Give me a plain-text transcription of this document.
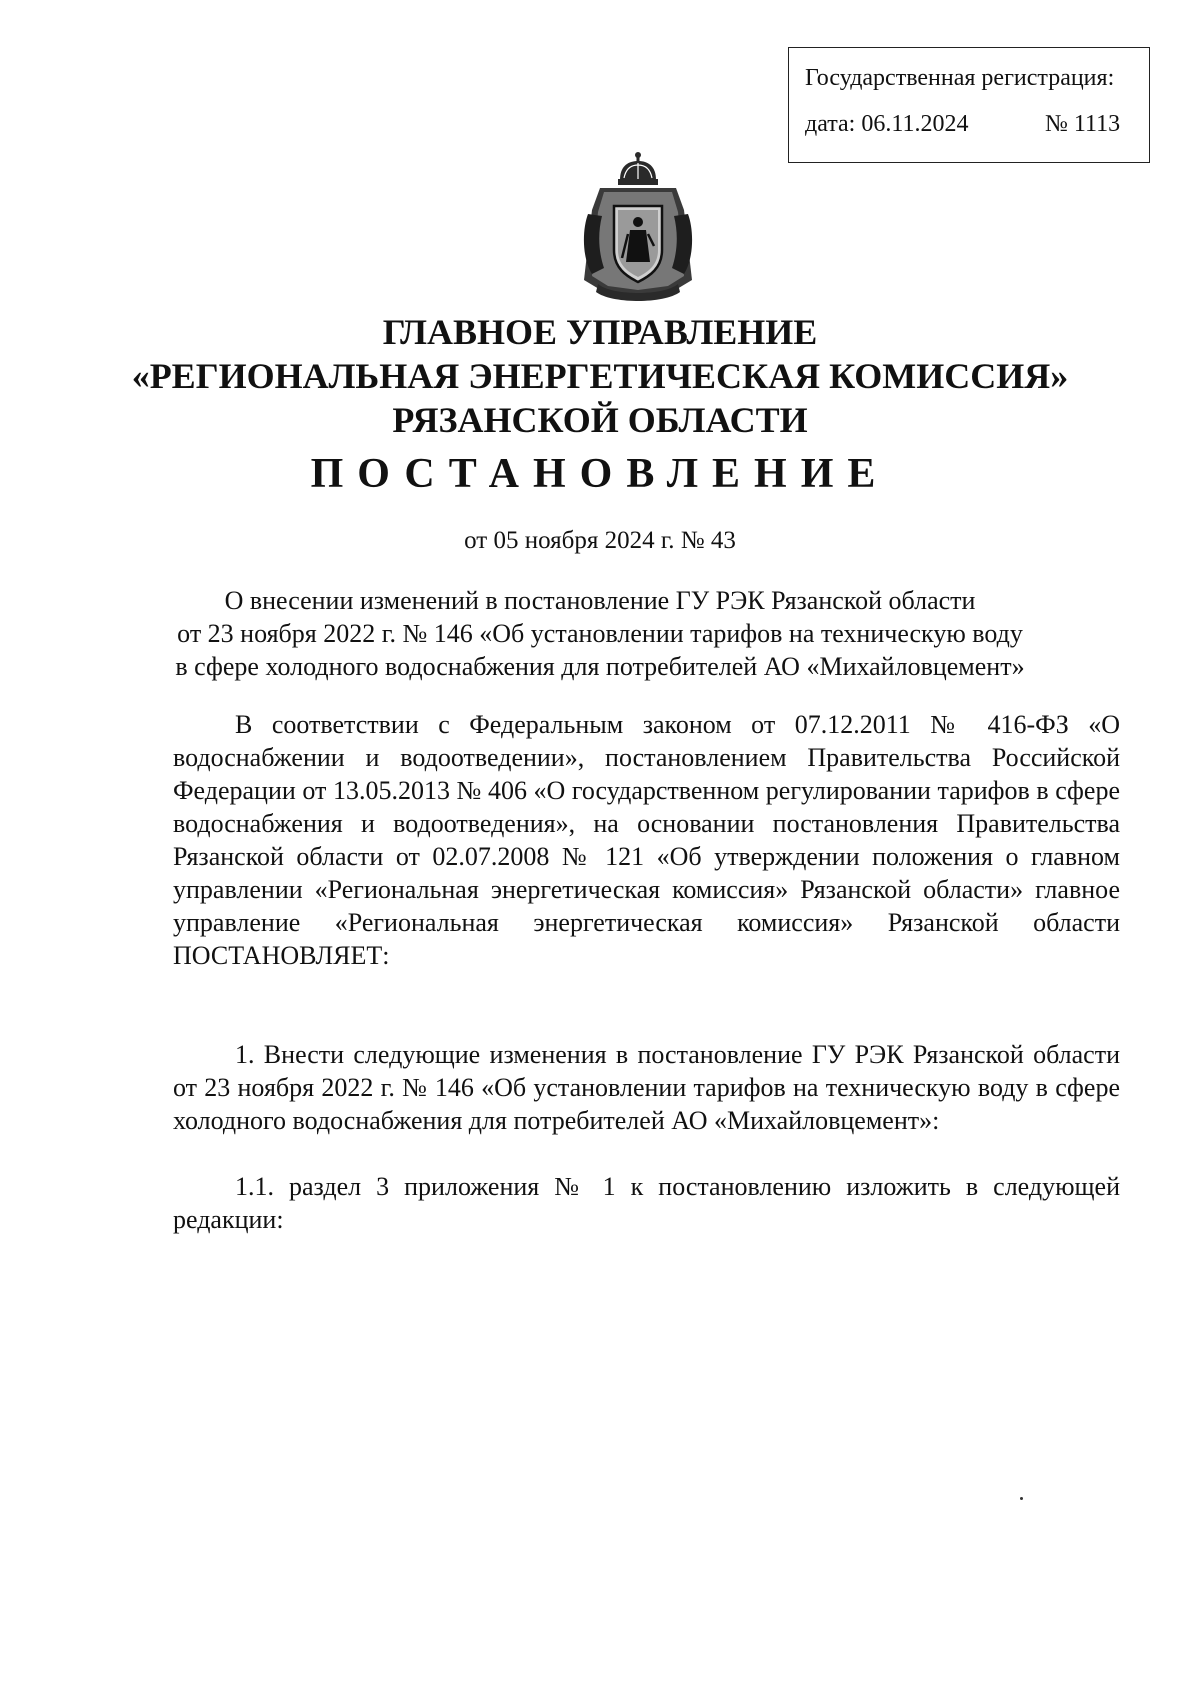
Государственная регистрация:
дата: 06.11.2024	№ 1113
ГЛАВНОЕ УПРАВЛЕНИЕ
«РЕГИОНАЛЬНАЯ ЭНЕРГЕТИЧЕСКАЯ КОМИССИЯ»
РЯЗАНСКОЙ ОБЛАСТИ
ПОСТАНОВЛЕНИЕ
от 05 ноября 2024 г. № 43
О внесении изменений в постановление ГУ РЭК Рязанской области
от 23 ноября 2022 г. № 146 «Об установлении тарифов на техническую воду
в сфере холодного водоснабжения для потребителей АО «Михайловцемент»

В соответствии с Федеральным законом от 07.12.2011 № 416-ФЗ «О водоснабжении и водоотведении», постановлением Правительства Российской Федерации от 13.05.2013 № 406 «О государственном регулировании тарифов в сфере водоснабжения и водоотведения», на основании постановления Правительства Рязанской области от 02.07.2008 № 121 «Об утверждении положения о главном управлении «Региональная энергетическая комиссия» Рязанской области» главное управление «Региональная энергетическая комиссия» Рязанской области ПОСТАНОВЛЯЕТ:

1. Внести следующие изменения в постановление ГУ РЭК Рязанской области от 23 ноября 2022 г. № 146 «Об установлении тарифов на техническую воду в сфере холодного водоснабжения для потребителей АО «Михайловцемент»:

1.1. раздел 3 приложения № 1 к постановлению изложить в следующей редакции:
